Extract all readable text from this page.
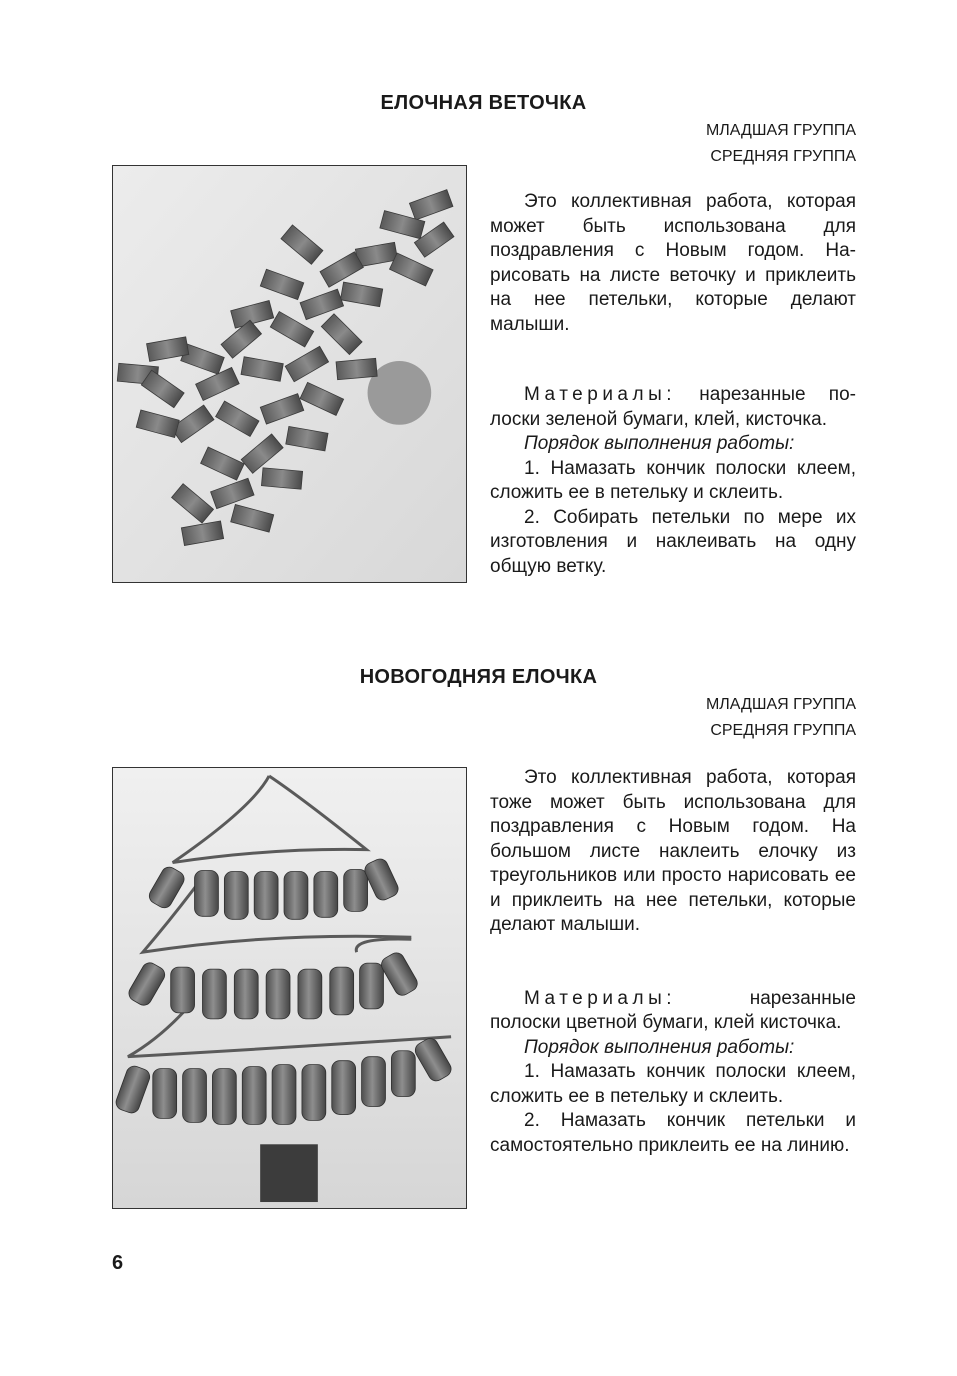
ЕЛОЧНАЯ ВЕТОЧКА
МЛАДШАЯ ГРУППА
СРЕДНЯЯ ГРУППА

Это коллективная работа, которая может быть использована для поздравления с Новым годом. Нарисовать на листе веточку и приклеить на нее петельки, которые делают малыши.

Материалы: нарезанные полоски зеленой бумаги, клей, кисточка.

Порядок выполнения работы:

1. Намазать кончик полоски клеем, сложить ее в петельку и склеить.

2. Собирать петельки по мере их изготовления и наклеивать на одну общую ветку.

НОВОГОДНЯЯ ЕЛОЧКА
МЛАДШАЯ ГРУППА
СРЕДНЯЯ ГРУППА

Это коллективная работа, которая тоже может быть использована для поздравления с Новым годом. На большом листе наклеить елочку из треугольников или просто нарисовать ее и приклеить на нее петельки, которые делают малыши.

Материалы: нарезанные полоски цветной бумаги, клей кисточка.

Порядок выполнения работы:

1. Намазать кончик полоски клеем, сложить ее в петельку и склеить.

2. Намазать кончик петельки и самостоятельно приклеить ее на линию.

6
